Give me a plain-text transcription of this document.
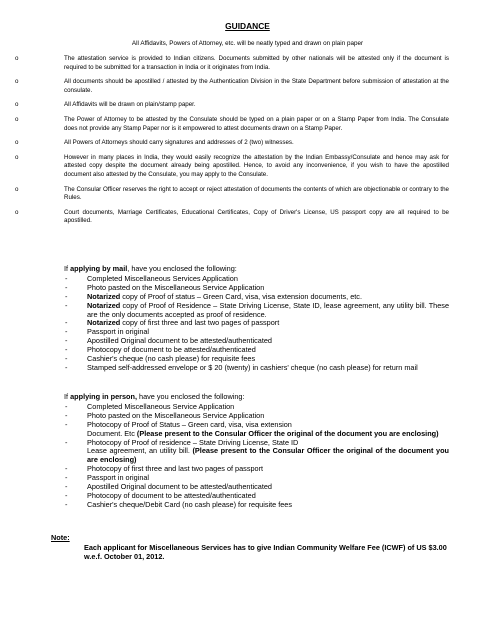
GUIDANCE
All Affidavits, Powers of Attorney, etc. will be neatly typed and drawn on plain paper
o	The attestation service is provided to Indian citizens. Documents submitted by other nationals will be attested only if the document is required to be submitted for a transaction in India or it originates from India.
o	All documents should be apostilled / attested by the Authentication Division in the State Department before submission of attestation at the consulate.
o	All Affidavits will be drawn on plain/stamp paper.
o	The Power of Attorney to be attested by the Consulate should be typed on a plain paper or on a Stamp Paper from India. The Consulate does not provide any Stamp Paper nor is it empowered to attest documents drawn on a Stamp Paper.
o	All Powers of Attorneys should carry signatures and addresses of 2 (two) witnesses.
o	However in many places in India, they would easily recognize the attestation by the Indian Embassy/Consulate and hence may ask for attested copy despite the document already being apostilled. Hence, to avoid any inconvenience, if you wish to have the apostilled document also attested by the Consulate, you may apply to the Consulate.
o	The Consular Officer reserves the right to accept or reject attestation of documents the contents of which are objectionable or contrary to the Rules.
o	Court documents, Marriage Certificates, Educational Certificates, Copy of Driver's License, US passport copy are all required to be apostilled.
If applying by mail, have you enclosed the following:
-	Completed Miscellaneous Services Application
-	Photo pasted on the Miscellaneous Service Application
-	Notarized copy of Proof of status – Green Card, visa, visa extension documents, etc.
-	Notarized copy of Proof of Residence – State Driving License, State ID, lease agreement, any utility bill. These are the only documents accepted as proof of residence.
-	Notarized copy of first three and last two pages of passport
-	Passport in original
-	Apostilled Original document to be attested/authenticated
-	Photocopy of document to be attested/authenticated
-	Cashier's cheque (no cash please) for requisite fees
-	Stamped self-addressed envelope or $ 20 (twenty) in cashiers' cheque (no cash please) for return mail
If applying in person, have you enclosed the following:
-	Completed Miscellaneous Service Application
-	Photo pasted on the Miscellaneous Service Application
-	Photocopy of Proof of Status – Green card, visa, visa extension
Document. Etc (Please present to the Consular Officer the original of the document you are enclosing)
-	Photocopy of Proof of residence – State Driving License, State ID
Lease agreement, an utility bill. (Please present to the Consular Officer the original of the document you are enclosing)
-	Photocopy of first three and last two pages of passport
-	Passport in original
-	Apostilled Original document to be attested/authenticated
-	Photocopy of document to be attested/authenticated
-	Cashier's cheque/Debit Card (no cash please) for requisite fees
Note:
Each applicant for Miscellaneous Services has to give Indian Community Welfare Fee (ICWF) of US $3.00 w.e.f. October 01, 2012.
